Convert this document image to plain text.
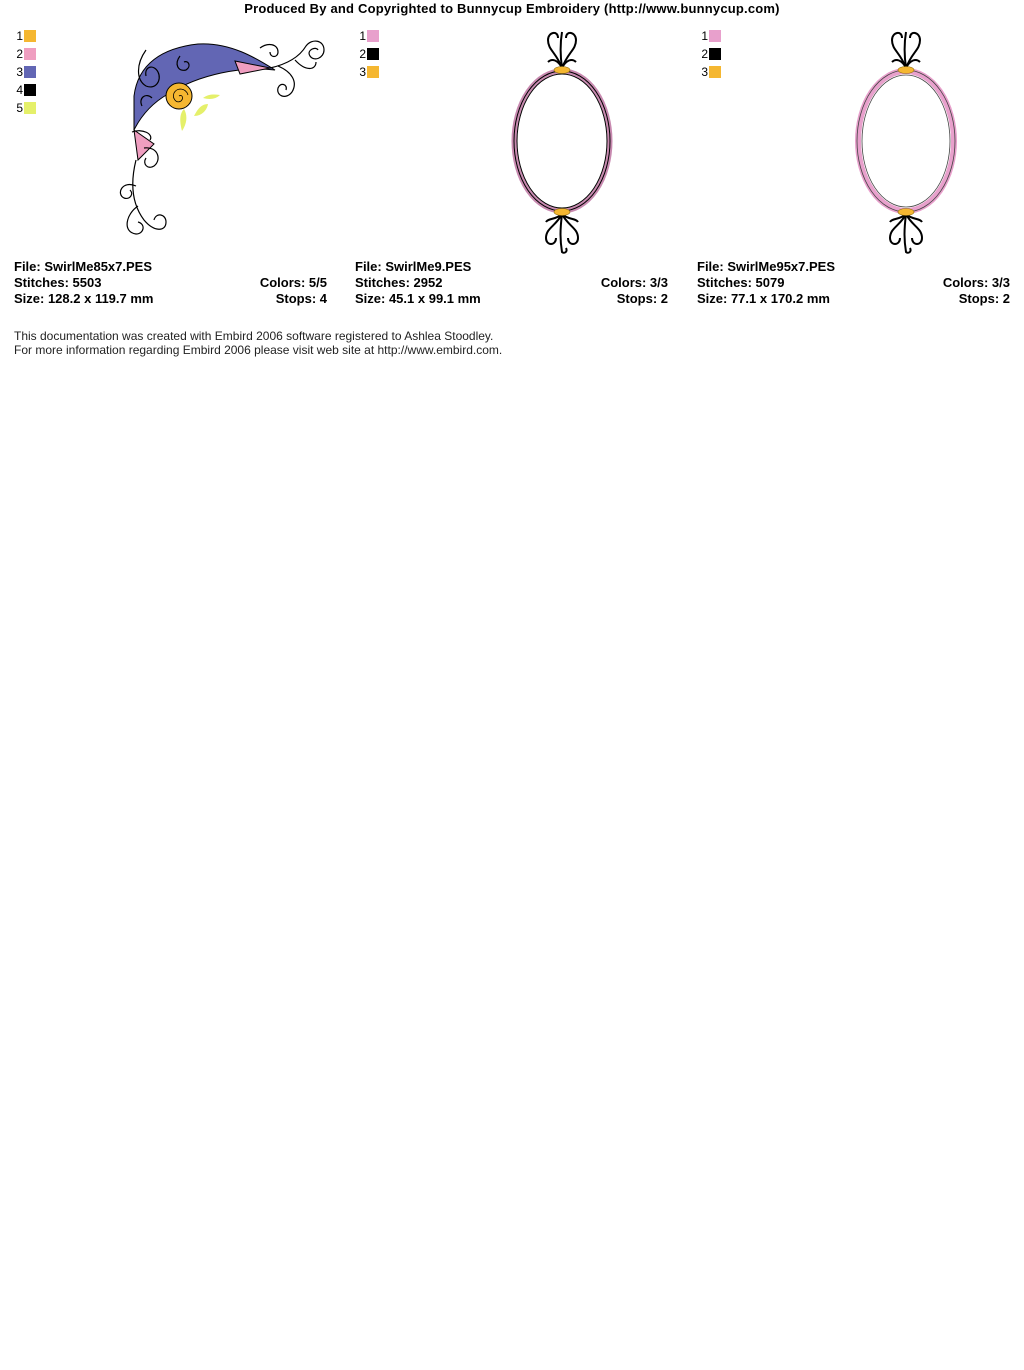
Produced By and Copyrighted to Bunnycup Embroidery (http://www.bunnycup.com)
1
2
3
4
5
1
2
3
1
2
3
File: SwirlMe85x7.PES
Stitches: 5503	Colors: 5/5
Size: 128.2 x 119.7 mm	Stops: 4
File: SwirlMe9.PES
Stitches: 2952	Colors: 3/3
Size: 45.1 x 99.1 mm	Stops: 2
File: SwirlMe95x7.PES
Stitches: 5079	Colors: 3/3
Size: 77.1 x 170.2 mm	Stops: 2
This documentation was created with Embird 2006 software registered to Ashlea Stoodley.
For more information regarding Embird 2006 please visit web site at http://www.embird.com.
